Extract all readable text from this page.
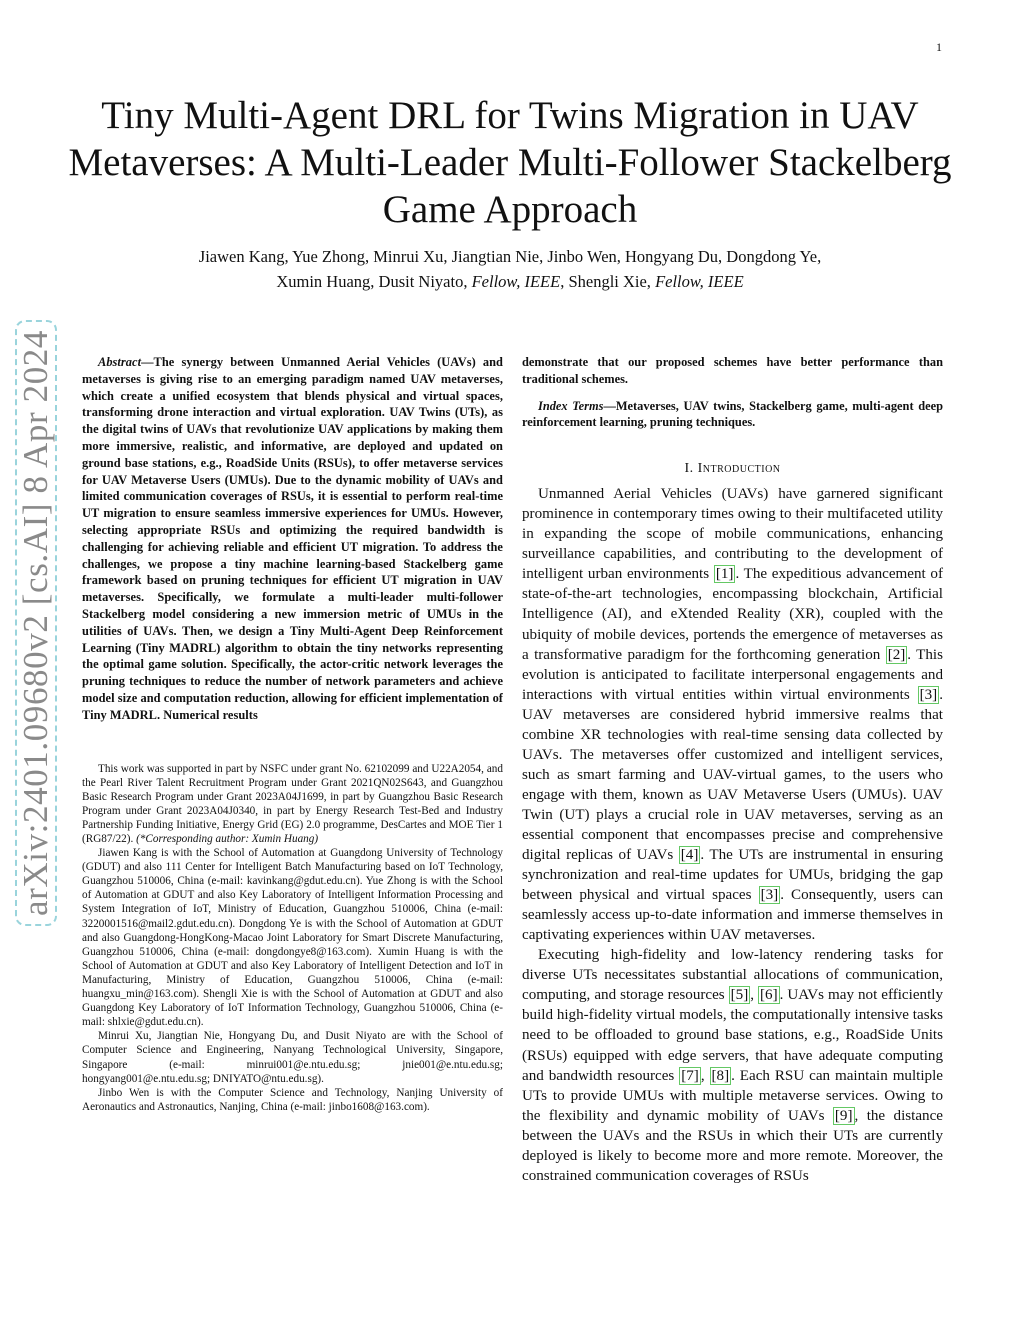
1
arXiv:2401.09680v2 [cs.AI] 8 Apr 2024
Tiny Multi-Agent DRL for Twins Migration in UAV Metaverses: A Multi-Leader Multi-Follower Stackelberg Game Approach
Jiawen Kang, Yue Zhong, Minrui Xu, Jiangtian Nie, Jinbo Wen, Hongyang Du, Dongdong Ye,
Xumin Huang, Dusit Niyato, Fellow, IEEE, Shengli Xie, Fellow, IEEE

Abstract—The synergy between Unmanned Aerial Vehicles (UAVs) and metaverses is giving rise to an emerging paradigm named UAV metaverses, which create a unified ecosystem that blends physical and virtual spaces, transforming drone interaction and virtual exploration. UAV Twins (UTs), as the digital twins of UAVs that revolutionize UAV applications by making them more immersive, realistic, and informative, are deployed and updated on ground base stations, e.g., RoadSide Units (RSUs), to offer metaverse services for UAV Metaverse Users (UMUs). Due to the dynamic mobility of UAVs and limited communication coverages of RSUs, it is essential to perform real-time UT migration to ensure seamless immersive experiences for UMUs. However, selecting appropriate RSUs and optimizing the required bandwidth is challenging for achieving reliable and efficient UT migration. To address the challenges, we propose a tiny machine learning-based Stackelberg game framework based on pruning techniques for efficient UT migration in UAV metaverses. Specifically, we formulate a multi-leader multi-follower Stackelberg model considering a new immersion metric of UMUs in the utilities of UAVs. Then, we design a Tiny Multi-Agent Deep Reinforcement Learning (Tiny MADRL) algorithm to obtain the tiny networks representing the optimal game solution. Specifically, the actor-critic network leverages the pruning techniques to reduce the number of network parameters and achieve model size and computation reduction, allowing for efficient implementation of Tiny MADRL. Numerical results

This work was supported in part by NSFC under grant No. 62102099 and U22A2054, and the Pearl River Talent Recruitment Program under Grant 2021QN02S643, and Guangzhou Basic Research Program under Grant 2023A04J1699, in part by Guangzhou Basic Research Program under Grant 2023A04J0340, in part by Energy Research Test-Bed and Industry Partnership Funding Initiative, Energy Grid (EG) 2.0 programme, DesCartes and MOE Tier 1 (RG87/22). (*Corresponding author: Xumin Huang)

Jiawen Kang is with the School of Automation at Guangdong University of Technology (GDUT) and also 111 Center for Intelligent Batch Manufacturing based on IoT Technology, Guangzhou 510006, China (e-mail: kavinkang@gdut.edu.cn). Yue Zhong is with the School of Automation at GDUT and also Key Laboratory of Intelligent Information Processing and System Integration of IoT, Ministry of Education, Guangzhou 510006, China (e-mail: 3220001516@mail2.gdut.edu.cn). Dongdong Ye is with the School of Automation at GDUT and also Guangdong-HongKong-Macao Joint Laboratory for Smart Discrete Manufacturing, Guangzhou 510006, China (e-mail: dongdongye8@163.com). Xumin Huang is with the School of Automation at GDUT and also Key Laboratory of Intelligent Detection and IoT in Manufacturing, Ministry of Education, Guangzhou 510006, China (e-mail: huangxu_min@163.com). Shengli Xie is with the School of Automation at GDUT and also Guangdong Key Laboratory of IoT Information Technology, Guangzhou 510006, China (e-mail: shlxie@gdut.edu.cn).

Minrui Xu, Jiangtian Nie, Hongyang Du, and Dusit Niyato are with the School of Computer Science and Engineering, Nanyang Technological University, Singapore, Singapore (e-mail: minrui001@e.ntu.edu.sg; jnie001@e.ntu.edu.sg; hongyang001@e.ntu.edu.sg; DNIYATO@ntu.edu.sg).

Jinbo Wen is with the Computer Science and Technology, Nanjing University of Aeronautics and Astronautics, Nanjing, China (e-mail: jinbo1608@163.com).

demonstrate that our proposed schemes have better performance than traditional schemes.

Index Terms—Metaverses, UAV twins, Stackelberg game, multi-agent deep reinforcement learning, pruning techniques.

I. Introduction

Unmanned Aerial Vehicles (UAVs) have garnered significant prominence in contemporary times owing to their multifaceted utility in expanding the scope of mobile communications, enhancing surveillance capabilities, and contributing to the development of intelligent urban environments [1] . The expeditious advancement of state-of-the-art technologies, encompassing blockchain, Artificial Intelligence (AI), and eXtended Reality (XR), coupled with the ubiquity of mobile devices, portends the emergence of metaverses as a transformative paradigm for the forthcoming generation [2] . This evolution is anticipated to facilitate interpersonal engagements and interactions with virtual entities within virtual environments [3] . UAV metaverses are considered hybrid immersive realms that combine XR technologies with real-time sensing data collected by UAVs. The metaverses offer customized and intelligent services, such as smart farming and UAV-virtual games, to the users who engage with them, known as UAV Metaverse Users (UMUs). UAV Twin (UT) plays a crucial role in UAV metaverses, serving as an essential component that encompasses precise and comprehensive digital replicas of UAVs [4] . The UTs are instrumental in ensuring synchronization and real-time updates for UMUs, bridging the gap between physical and virtual spaces [3] . Consequently, users can seamlessly access up-to-date information and immerse themselves in captivating experiences within UAV metaverses.

Executing high-fidelity and low-latency rendering tasks for diverse UTs necessitates substantial allocations of communication, computing, and storage resources [5] , [6] . UAVs may not efficiently build high-fidelity virtual models, the computationally intensive tasks need to be offloaded to ground base stations, e.g., RoadSide Units (RSUs) equipped with edge servers, that have adequate computing and bandwidth resources [7] , [8] . Each RSU can maintain multiple UTs to provide UMUs with multiple metaverse services. Owing to the flexibility and dynamic mobility of UAVs [9] , the distance between the UAVs and the RSUs in which their UTs are currently deployed is likely to become more and more remote. Moreover, the constrained communication coverages of RSUs
